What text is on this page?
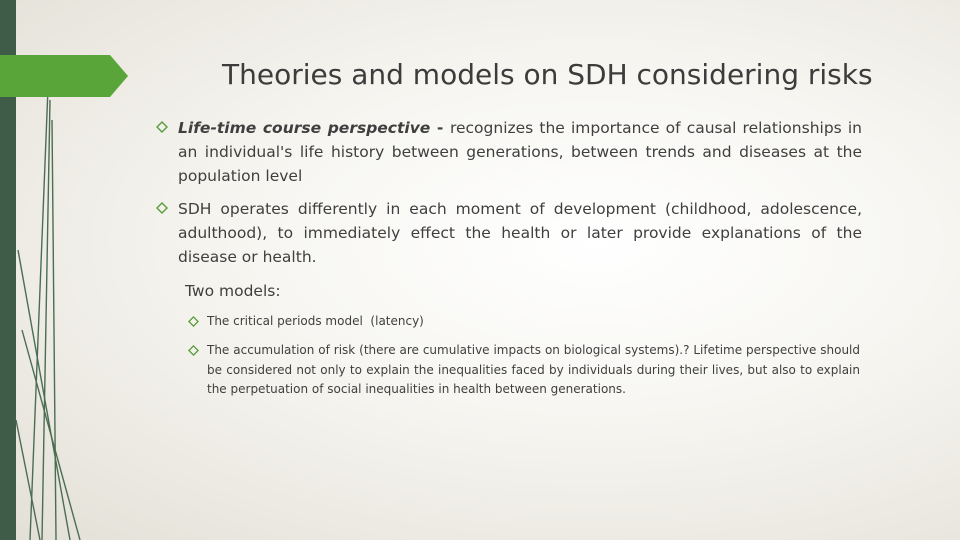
Theories and models on SDH considering risks
Life-time course perspective - recognizes the importance of causal relationships in an individual's life history between generations, between trends and diseases at the population level
SDH operates differently in each moment of development (childhood, adolescence, adulthood), to immediately effect the health or later provide explanations of the disease or health.

Two models:

The critical periods model  (latency)
The accumulation of risk (there are cumulative impacts on biological systems).? Lifetime perspective should be considered not only to explain the inequalities faced by individuals during their lives, but also to explain the perpetuation of social inequalities in health between generations.
